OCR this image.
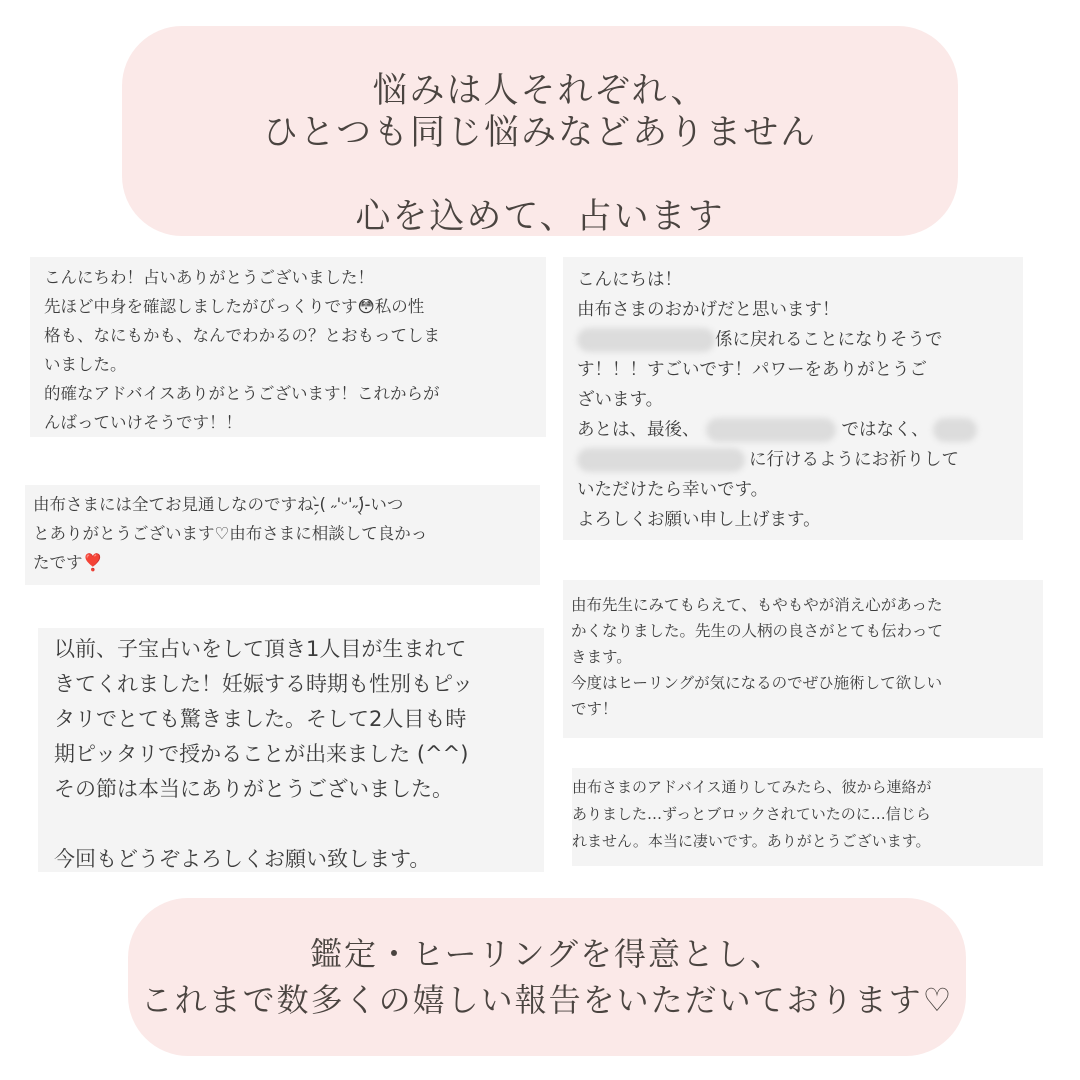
悩みは人それぞれ、
ひとつも同じ悩みなどありません
心を込めて、占います
こんにちわ！占いありがとうございました！
先ほど中身を確認しましたがびっくりです😳私の性
格も、なにもかも、なんでわかるの？とおもってしま
いました。
的確なアドバイスありがとうございます！これからが
んばっていけそうです！！
こんにちは！
由布さまのおかげだと思います！
係に戻れることになりそうで
す！！！すごいです！パワーをありがとうご
ざいます。
あとは、最後、	ではなく、
に行けるようにお祈りして
いただけたら幸いです。
よろしくお願い申し上げます。
由布さまには全てお見通しなのですね-̗̀( ˶'ᵕ'˶)̖́-いつ
とありがとうございます♡由布さまに相談して良かっ
たです❣️
以前、子宝占いをして頂き1人目が生まれて
きてくれました！妊娠する時期も性別もピッ
タリでとても驚きました。そして2人目も時
期ピッタリで授かることが出来ました (^^)
その節は本当にありがとうございました。

今回もどうぞよろしくお願い致します。
由布先生にみてもらえて、もやもやが消え心があった
かくなりました。先生の人柄の良さがとても伝わって
きます。
今度はヒーリングが気になるのでぜひ施術して欲しい
です！
由布さまのアドバイス通りしてみたら、彼から連絡が
ありました…ずっとブロックされていたのに…信じら
れません。本当に凄いです。ありがとうございます。
鑑定・ヒーリングを得意とし、
これまで数多くの嬉しい報告をいただいております♡
